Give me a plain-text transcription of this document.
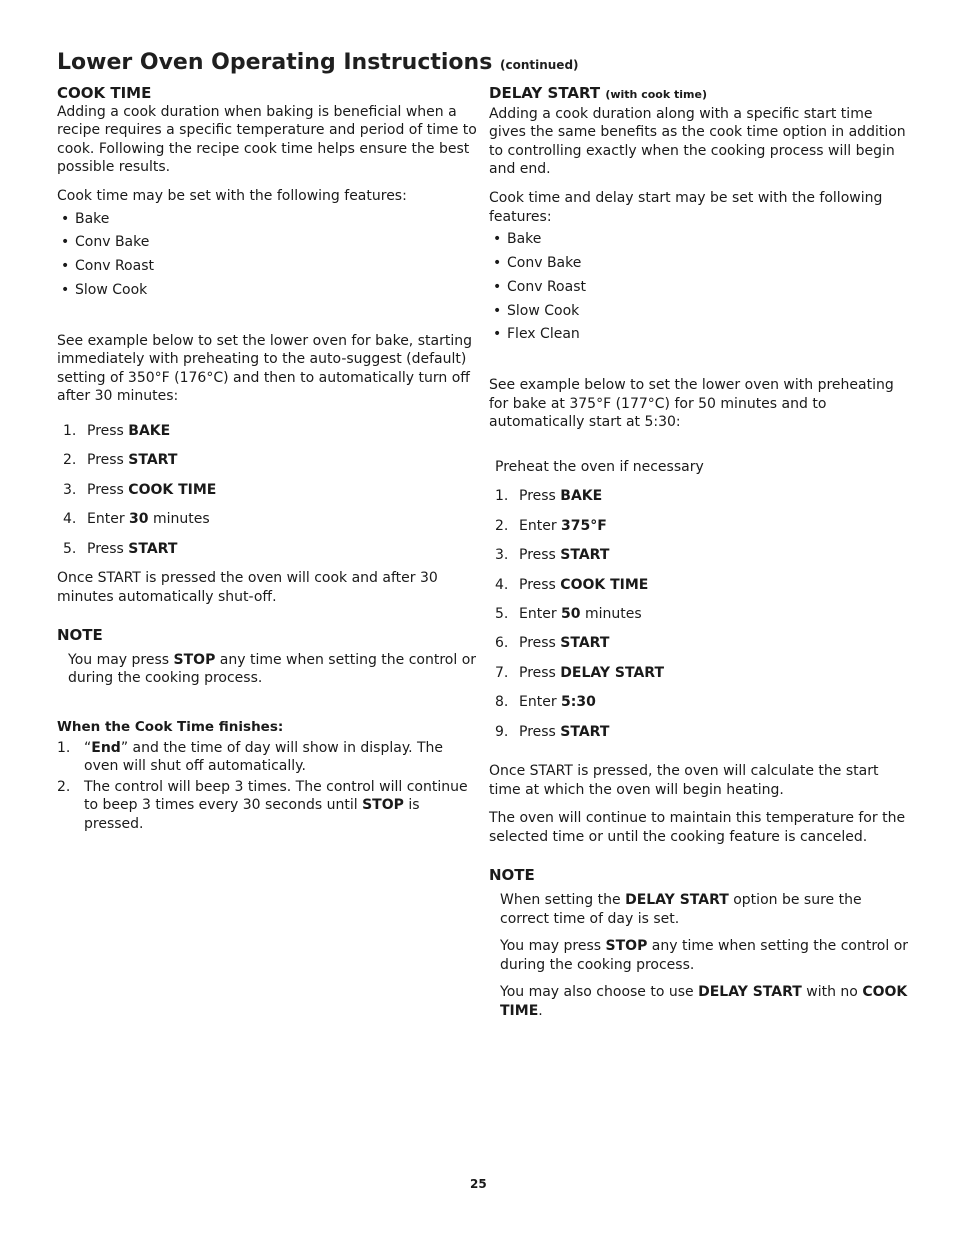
Lower Oven Operating Instructions (continued)
COOK TIME

Adding a cook duration when baking is beneficial when a recipe requires a specific temperature and period of time to cook. Following the recipe cook time helps ensure the best possible results.

Cook time may be set with the following features:

• Bake
• Conv Bake
• Conv Roast
• Slow Cook

See example below to set the lower oven for bake, starting immediately with preheating to the auto-suggest (default) setting of 350°F (176°C) and then to automatically turn off after 30 minutes:

1. Press BAKE
2. Press START
3. Press COOK TIME
4. Enter 30 minutes
5. Press START

Once START is pressed the oven will cook and after 30 minutes automatically shut-off.

NOTE

You may press STOP any time when setting the control or during the cooking process.

When the Cook Time finishes:
1. “End” and the time of day will show in display. The oven will shut off automatically.
2. The control will beep 3 times. The control will continue to beep 3 times every 30 seconds until STOP is pressed.
DELAY START (with cook time)

Adding a cook duration along with a specific start time gives the same benefits as the cook time option in addition to controlling exactly when the cooking process will begin and end.

Cook time and delay start may be set with the following features:

• Bake
• Conv Bake
• Conv Roast
• Slow Cook
• Flex Clean

See example below to set the lower oven with preheating for bake at 375°F (177°C) for 50 minutes and to automatically start at 5:30:

Preheat the oven if necessary

1. Press BAKE
2. Enter 375°F
3. Press START
4. Press COOK TIME
5. Enter 50 minutes
6. Press START
7. Press DELAY START
8. Enter 5:30
9. Press START

Once START is pressed, the oven will calculate the start time at which the oven will begin heating.

The oven will continue to maintain this temperature for the selected time or until the cooking feature is canceled.

NOTE

When setting the DELAY START option be sure the correct time of day is set.

You may press STOP any time when setting the control or during the cooking process.

You may also choose to use DELAY START with no COOK TIME.

25
